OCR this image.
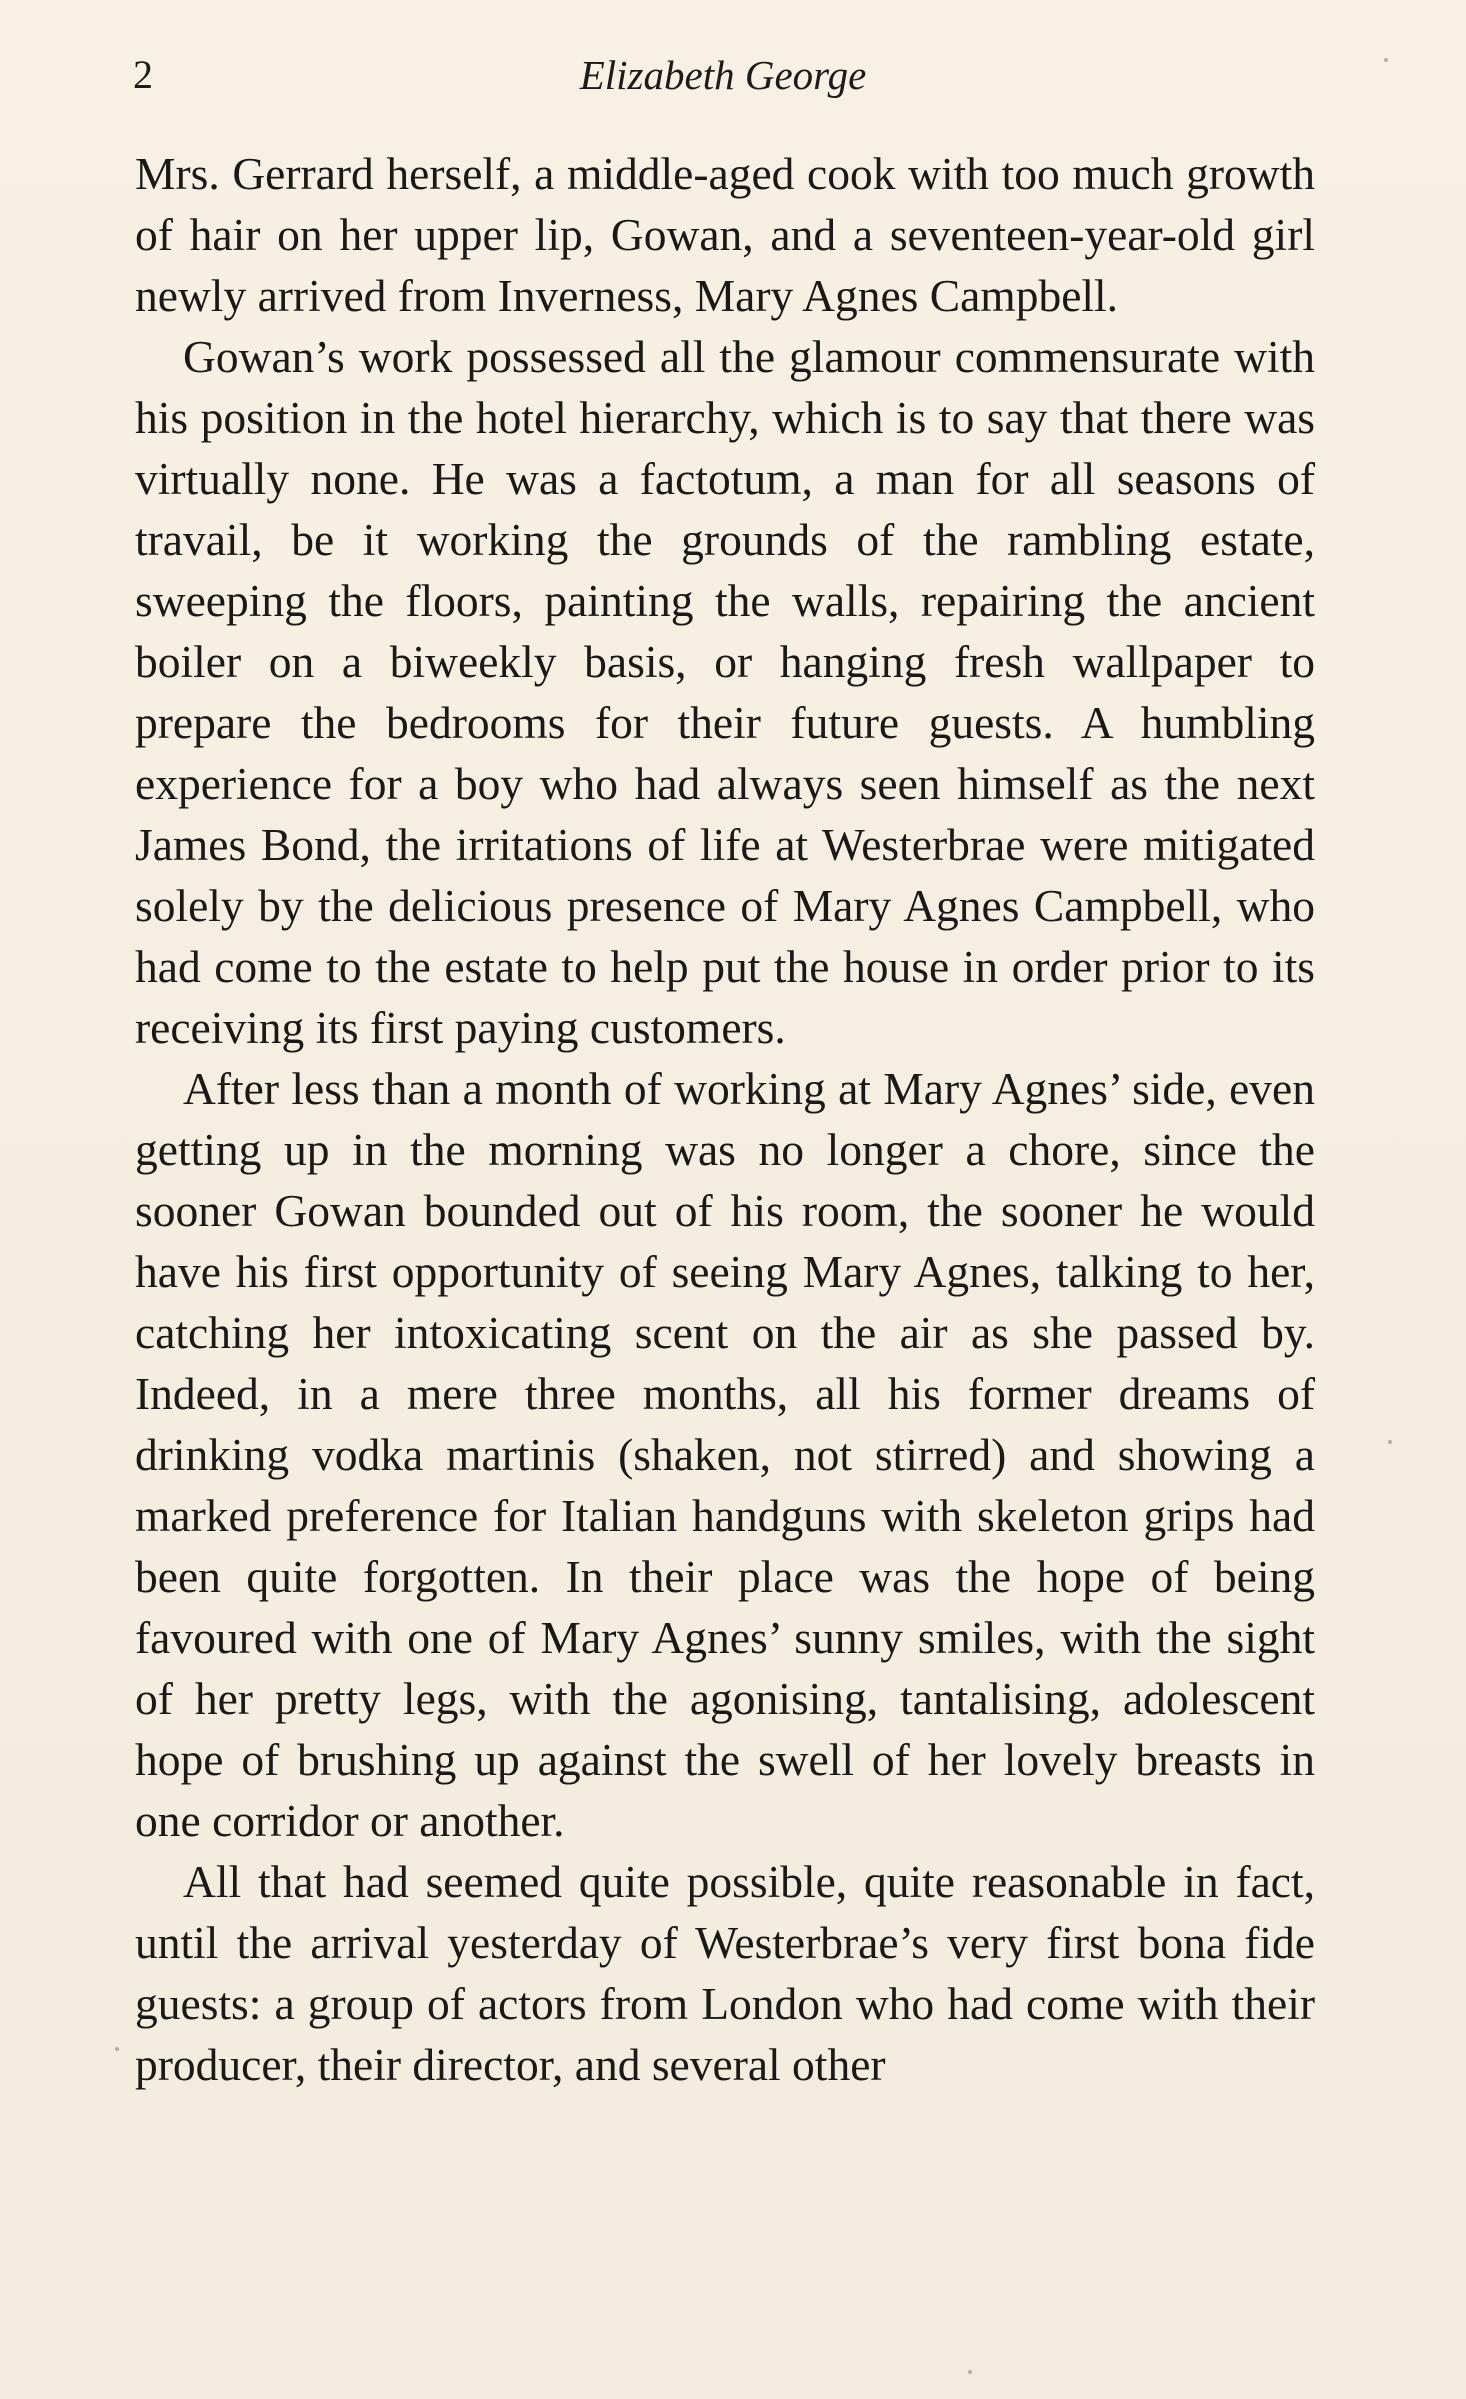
2	Elizabeth George

Mrs. Gerrard herself, a middle-aged cook with too much growth of hair on her upper lip, Gowan, and a seventeen-year-old girl newly arrived from Inverness, Mary Agnes Campbell.

Gowan’s work possessed all the glamour commensurate with his position in the hotel hierarchy, which is to say that there was virtually none. He was a factotum, a man for all seasons of travail, be it working the grounds of the rambling estate, sweeping the floors, painting the walls, repairing the ancient boiler on a biweekly basis, or hanging fresh wallpaper to prepare the bedrooms for their future guests. A humbling experience for a boy who had always seen himself as the next James Bond, the irritations of life at Westerbrae were mitigated solely by the delicious presence of Mary Agnes Campbell, who had come to the estate to help put the house in order prior to its receiving its first paying customers.

After less than a month of working at Mary Agnes’ side, even getting up in the morning was no longer a chore, since the sooner Gowan bounded out of his room, the sooner he would have his first opportunity of seeing Mary Agnes, talking to her, catching her intoxicating scent on the air as she passed by. Indeed, in a mere three months, all his former dreams of drinking vodka martinis (shaken, not stirred) and showing a marked preference for Italian handguns with skeleton grips had been quite forgotten. In their place was the hope of being favoured with one of Mary Agnes’ sunny smiles, with the sight of her pretty legs, with the agonising, tantalising, adolescent hope of brushing up against the swell of her lovely breasts in one corridor or another.

All that had seemed quite possible, quite reasonable in fact, until the arrival yesterday of Westerbrae’s very first bona fide guests: a group of actors from London who had come with their producer, their director, and several other
